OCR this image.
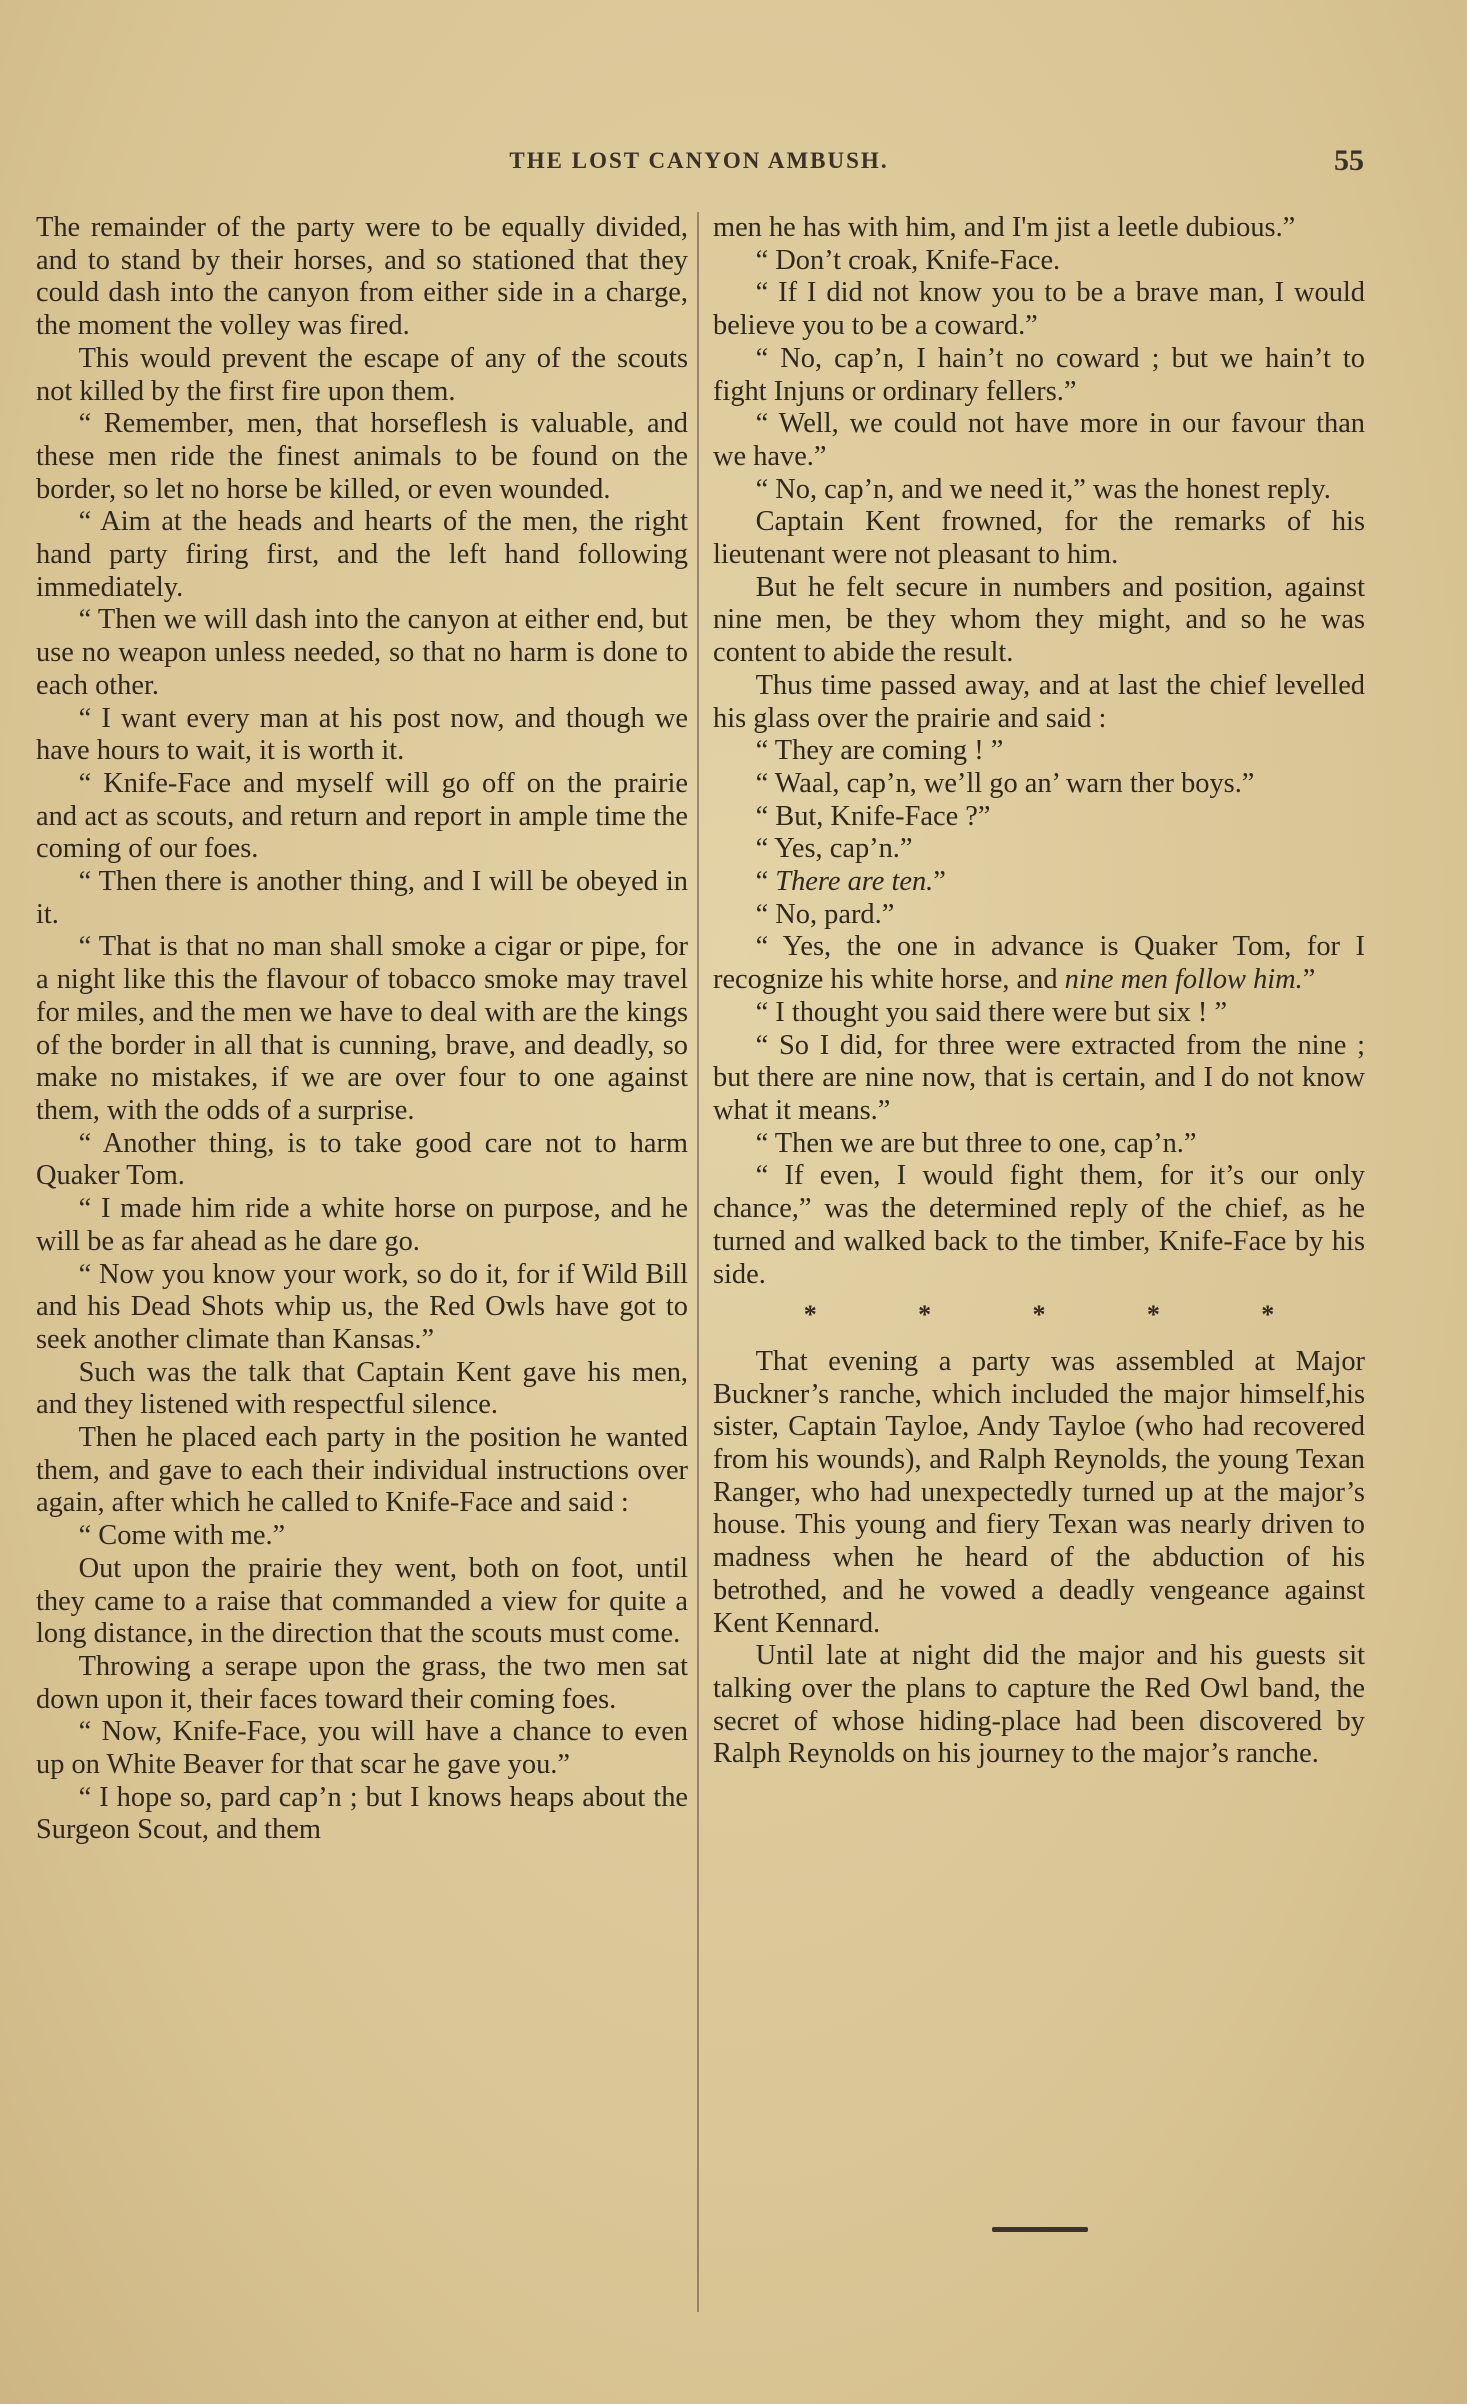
THE LOST CANYON AMBUSH.	55

The remainder of the party were to be equally divided, and to stand by their horses, and so stationed that they could dash into the canyon from either side in a charge, the moment the volley was fired.

This would prevent the escape of any of the scouts not killed by the first fire upon them.

“ Remember, men, that horseflesh is valuable, and these men ride the finest animals to be found on the border, so let no horse be killed, or even wounded.

“ Aim at the heads and hearts of the men, the right hand party firing first, and the left hand following immediately.

“ Then we will dash into the canyon at either end, but use no weapon unless needed, so that no harm is done to each other.

“ I want every man at his post now, and though we have hours to wait, it is worth it.

“ Knife-Face and myself will go off on the prairie and act as scouts, and return and report in ample time the coming of our foes.

“ Then there is another thing, and I will be obeyed in it.

“ That is that no man shall smoke a cigar or pipe, for a night like this the flavour of tobacco smoke may travel for miles, and the men we have to deal with are the kings of the border in all that is cunning, brave, and deadly, so make no mistakes, if we are over four to one against them, with the odds of a surprise.

“ Another thing, is to take good care not to harm Quaker Tom.

“ I made him ride a white horse on purpose, and he will be as far ahead as he dare go.

“ Now you know your work, so do it, for if Wild Bill and his Dead Shots whip us, the Red Owls have got to seek another climate than Kansas.”

Such was the talk that Captain Kent gave his men, and they listened with respectful silence.

Then he placed each party in the position he wanted them, and gave to each their individual instructions over again, after which he called to Knife-Face and said :

“ Come with me.”

Out upon the prairie they went, both on foot, until they came to a raise that commanded a view for quite a long distance, in the direction that the scouts must come.

Throwing a serape upon the grass, the two men sat down upon it, their faces toward their coming foes.

“ Now, Knife-Face, you will have a chance to even up on White Beaver for that scar he gave you.”

“ I hope so, pard cap’n ; but I knows heaps about the Surgeon Scout, and them

men he has with him, and I'm jist a leetle dubious.”

“ Don’t croak, Knife-Face.

“ If I did not know you to be a brave man, I would believe you to be a coward.”

“ No, cap’n, I hain’t no coward ; but we hain’t to fight Injuns or ordinary fellers.”

“ Well, we could not have more in our favour than we have.”

“ No, cap’n, and we need it,” was the honest reply.

Captain Kent frowned, for the remarks of his lieutenant were not pleasant to him.

But he felt secure in numbers and position, against nine men, be they whom they might, and so he was content to abide the result.

Thus time passed away, and at last the chief levelled his glass over the prairie and said :

“ They are coming ! ”

“ Waal, cap’n, we’ll go an’ warn ther boys.”

“ But, Knife-Face ?”

“ Yes, cap’n.”

“ There are ten.”

“ No, pard.”

“ Yes, the one in advance is Quaker Tom, for I recognize his white horse, and nine men follow him.”

“ I thought you said there were but six ! ”

“ So I did, for three were extracted from the nine ; but there are nine now, that is certain, and I do not know what it means.”

“ Then we are but three to one, cap’n.”

“ If even, I would fight them, for it’s our only chance,” was the determined reply of the chief, as he turned and walked back to the timber, Knife-Face by his side.

*	*	*	*	*

That evening a party was assembled at Major Buckner’s ranche, which included the major himself,his sister, Captain Tayloe, Andy Tayloe (who had recovered from his wounds), and Ralph Reynolds, the young Texan Ranger, who had unexpectedly turned up at the major’s house. This young and fiery Texan was nearly driven to madness when he heard of the abduction of his betrothed, and he vowed a deadly vengeance against Kent Kennard.

Until late at night did the major and his guests sit talking over the plans to capture the Red Owl band, the secret of whose hiding-place had been discovered by Ralph Reynolds on his journey to the major’s ranche.
